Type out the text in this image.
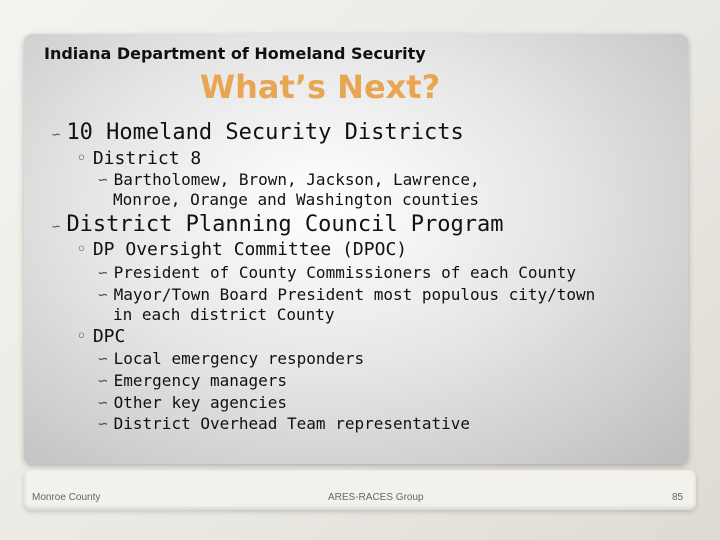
Indiana Department of Homeland Security
What’s Next?
∽ 10 Homeland Security Districts
◦ District 8
∽ Bartholomew, Brown, Jackson, Lawrence,
Monroe, Orange and Washington counties
∽ District Planning Council Program
◦ DP Oversight Committee (DPOC)
∽ President of County Commissioners of each County
∽ Mayor/Town Board President most populous city/town
in each district County
◦ DPC
∽ Local emergency responders
∽ Emergency managers
∽ Other key agencies
∽ District Overhead Team representative
Monroe County	ARES-RACES Group	85
